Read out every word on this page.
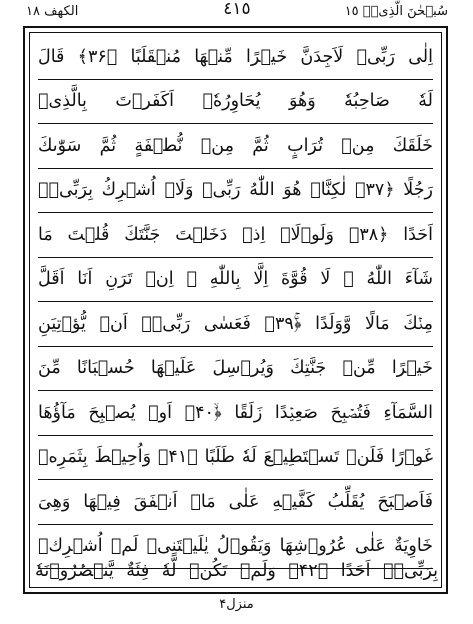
الكهف ١٨	٤١٥	سُبۡحٰنَ الَّذِیۡۤ ١٥
اِلٰی رَبِّیۡ لَاَجِدَنَّ خَیۡرًا مِّنۡهَا مُنۡقَلَبًا ﴿۳۶﴾ قَالَ
لَهٗ صَاحِبُهٗ وَهُوَ یُحَاوِرُهٗۤ اَكَفَرۡتَ بِالَّذِیۡ
خَلَقَكَ مِنۡ تُرَابٍ ثُمَّ مِنۡ نُّطۡفَةٍ ثُمَّ سَوّٰىكَ
رَجُلًا ﴿۳۷﴾ لٰكِنَّا۠ هُوَ اللّٰهُ رَبِّیۡ وَلَاۤ اُشۡرِكُ بِرَبِّیۡۤ
اَحَدًا ﴿۳۸﴾ وَلَوۡلَاۤ اِذۡ دَخَلۡتَ جَنَّتَكَ قُلۡتَ مَا
شَآءَ اللّٰهُ ۙ لَا قُوَّةَ اِلَّا بِاللّٰهِ ۚ اِنۡ تَرَنِ اَنَا اَقَلَّ
مِنۡكَ مَالًا وَّوَلَدًا ﴿ۚ۳۹﴾ فَعَسٰی رَبِّیۡۤ اَنۡ یُّؤۡتِیَنِ
خَیۡرًا مِّنۡ جَنَّتِكَ وَیُرۡسِلَ عَلَیۡهَا حُسۡبَانًا مِّنَ
السَّمَآءِ فَتُصۡبِحَ صَعِیۡدًا زَلَقًا ﴿ۙ۴۰﴾ اَوۡ یُصۡبِحَ مَآؤُهَا
غَوۡرًا فَلَنۡ تَسۡتَطِیۡعَ لَهٗ طَلَبًا ﴿۴۱﴾ وَاُحِیۡطَ بِثَمَرِهٖ
فَاَصۡبَحَ یُقَلِّبُ كَفَّیۡهِ عَلٰی مَاۤ اَنۡفَقَ فِیۡهَا وَهِیَ
خَاوِیَةٌ عَلٰی عُرُوۡشِهَا وَیَقُوۡلُ یٰلَیۡتَنِیۡ لَمۡ اُشۡرِكۡ
بِرَبِّیۡۤ اَحَدًا ﴿۴۲﴾ وَلَمۡ تَكُنۡ لَّهٗ فِئَةٌ یَّنۡصُرُوۡنَهٗ
منزل۴
